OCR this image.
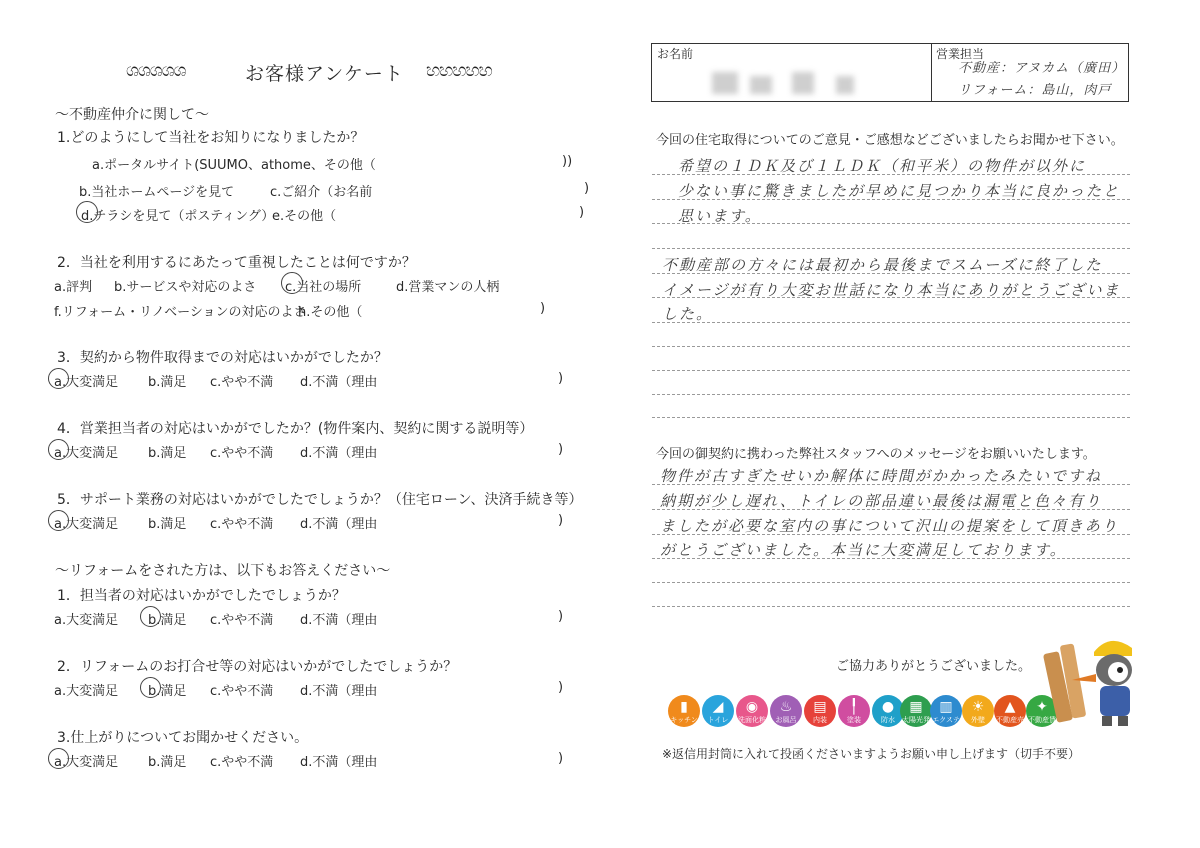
ශශශශශ	お客様アンケート හහහහහ
～不動産仲介に関して～
1.どのようにして当社をお知りになりましたか？
a.ポータルサイト(SUUMO、athome、その他（	))
b.当社ホームページを見て	c.ご紹介（お名前	)
d.チラシを見て（ポスティング）
e.その他（	)
2．当社を利用するにあたって重視したことは何ですか？
a.評判 b.サービスや対応のよさ c.当社の場所	d.営業マンの人柄
f.リフォーム・リノベーションの対応のよさ
h.その他（	)
3．契約から物件取得までの対応はいかがでしたか？
a.大変満足 b.満足 c.やや不満 d.不満（理由	)
4．営業担当者の対応はいかがでしたか？(物件案内、契約に関する説明等）
a.大変満足 b.満足 c.やや不満 d.不満（理由	)
5．サポート業務の対応はいかがでしたでしょうか？（住宅ローン、決済手続き等）
a.大変満足 b.満足 c.やや不満 d.不満（理由	)
～リフォームをされた方は、以下もお答えください～
1．担当者の対応はいかがでしたでしょうか？
a.大変満足 b.満足 c.やや不満 d.不満（理由	)
2．リフォームのお打合せ等の対応はいかがでしたでしょうか？
a.大変満足 b.満足 c.やや不満 d.不満（理由	)
3.仕上がりについてお聞かせください。
a.大変満足 b.満足 c.やや不満 d.不満（理由	)
お名前	営業担当
不動産：アヌカム（廣田）
リフォーム：島山，肉戸
今回の住宅取得についてのご意見・ご感想などございましたらお聞かせ下さい。
希望の１ＤＫ及び１ＬＤＫ（和平米）の物件が以外に
少ない事に驚きましたが早めに見つかり本当に良かったと
思います。
不動産部の方々には最初から最後までスムーズに終了した
イメージが有り大変お世話になり本当にありがとうございま
した。
今回の御契約に携わった弊社スタッフへのメッセージをお願いいたします。
物件が古すぎたせいか解体に時間がかかったみたいですね
納期が少し遅れ、トイレの部品違い最後は漏電と色々有り
ましたが必要な室内の事について沢山の提案をして頂きあり
がとうございました。本当に大変満足しております。
ご協力ありがとうございました。
▮
キッチン
◢
トイレ
◉
洗面化粧台
♨
お風呂
▤
内装
╿
塗装
●
防水
▦
太陽光発電
▥
エクステリア
☀
外壁
▲
不動産売買
✦
不動産賃貸
※返信用封筒に入れて投函くださいますようお願い申し上げます（切手不要）
